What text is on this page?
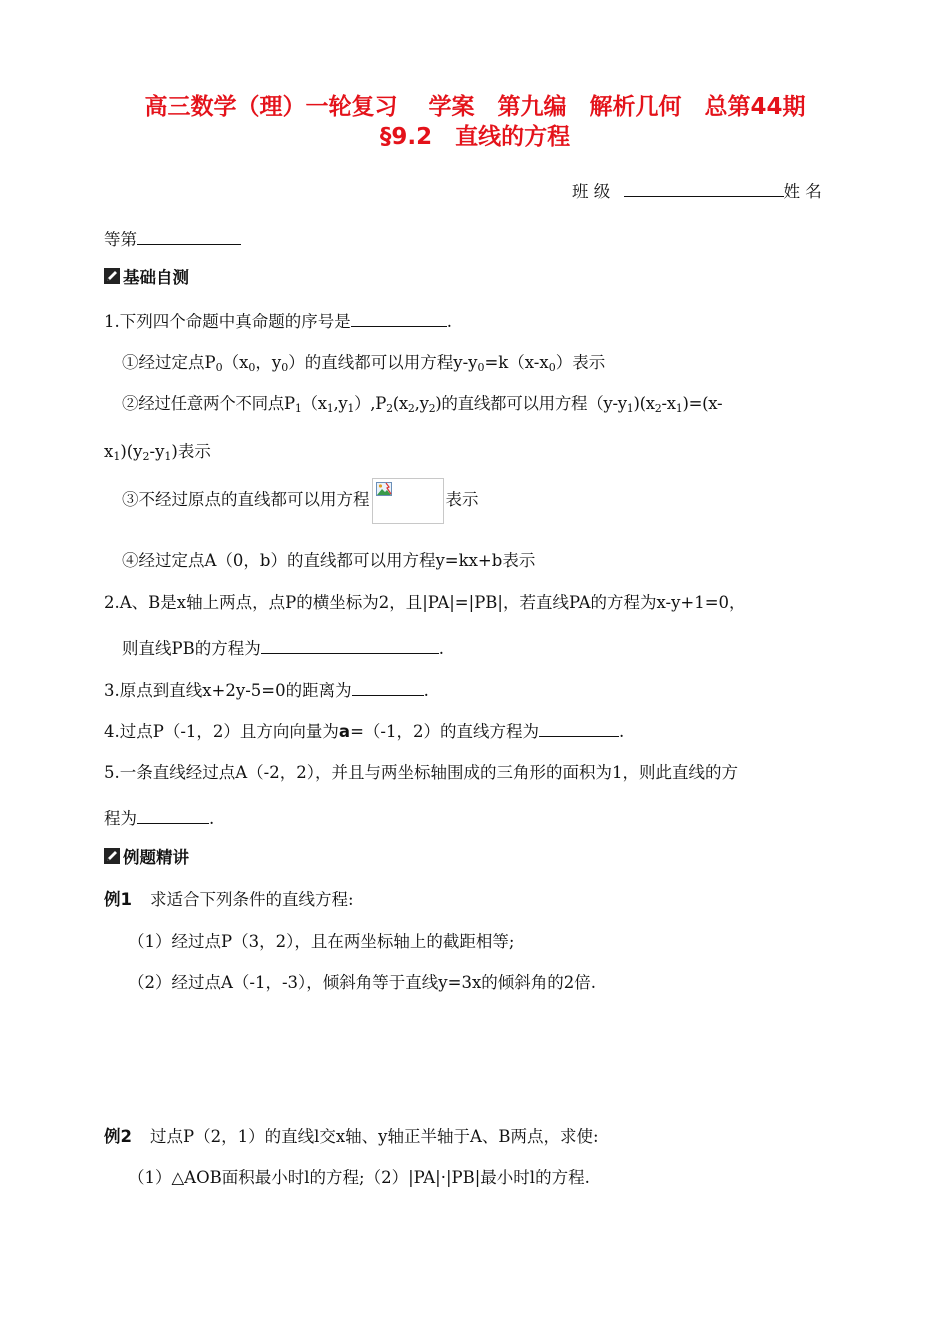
高三数学（理）一轮复习　 学案　第九编　解析几何　总第44期
§9.2　直线的方程
班 级	姓 名
等第
基础自测
1.下列四个命题中真命题的序号是	.
①经过定点$P_0(x_0$，$y_0$）的直线都可以用方程$y-y_0=k(x-x_0)$表示
②经过任意两个不同点$P_1(x_1,y_1),P_2(x_2,y_2)$的直线都可以用方程$(y-y_1)(x_2-x_1)=(x-$
$x_1)(y_2-y_1)$表示
③不经过原点的直线都可以用方程	表示
④经过定点A（0，b）的直线都可以用方程y=kx+b表示
2.A、B是x轴上两点，点P的横坐标为2，且|PA|=|PB|，若直线PA的方程为x-y+1=0，
则直线PB的方程为	.
3.原点到直线x+2y-5=0的距离为	.
4.过点P（-1，2）且方向向量为a=（-1，2）的直线方程为	.
5.一条直线经过点A（-2，2），并且与两坐标轴围成的三角形的面积为1，则此直线的方
程为	.
例题精讲
例1 求适合下列条件的直线方程:
（1）经过点P（3，2），且在两坐标轴上的截距相等;
（2）经过点A（-1，-3），倾斜角等于直线y=3x的倾斜角的2倍.
例2 过点P（2，1）的直线l交x轴、y轴正半轴于A、B两点，求使:
（1）△AOB面积最小时l的方程;（2）|PA|·|PB|最小时l的方程.
